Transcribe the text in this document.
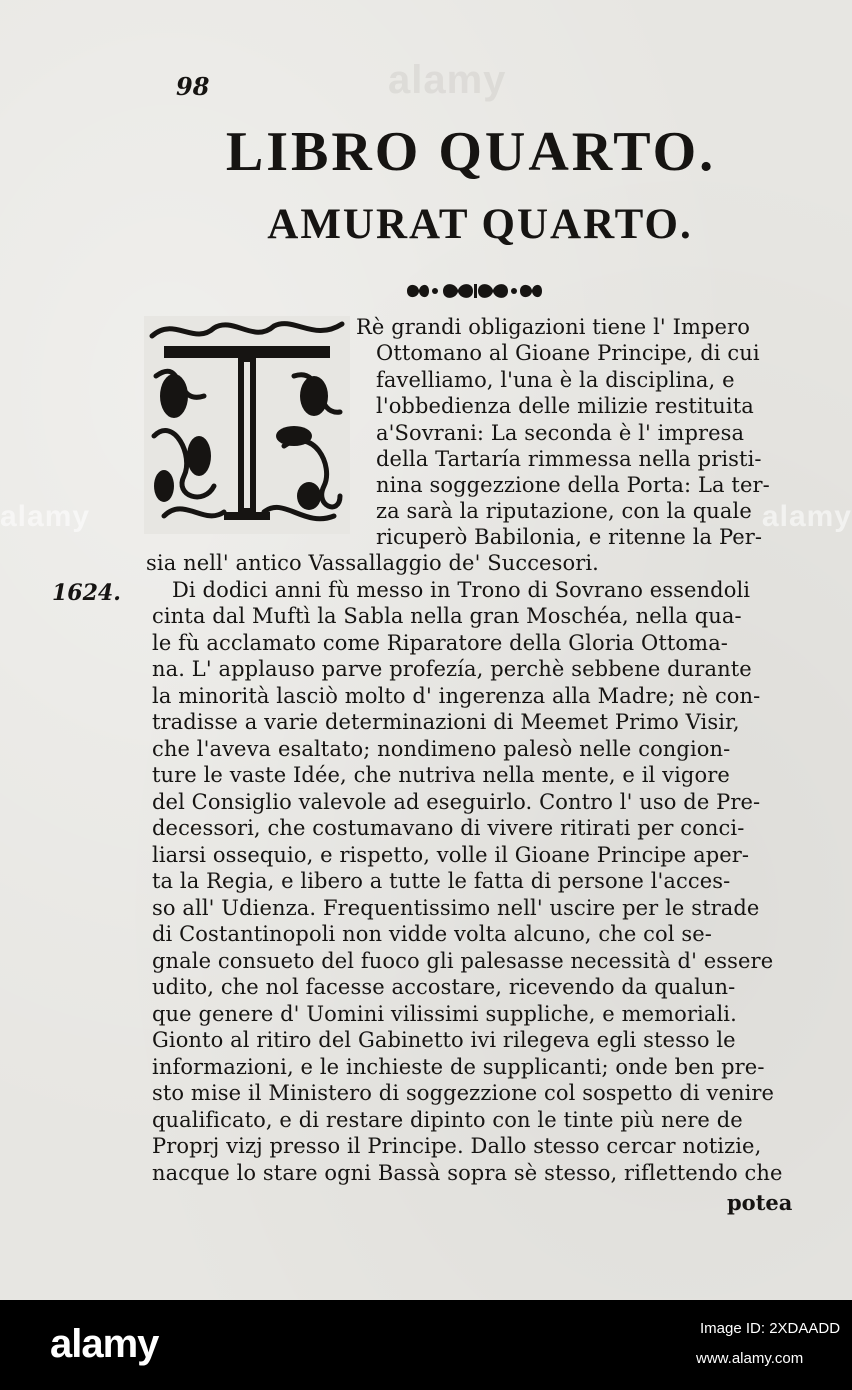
alamy
alamy	alamy
98
LIBRO QUARTO.
AMURAT QUARTO.
Rè grandi obligazioni tiene l' Impero
Ottomano al Gioane Principe, di cui
favelliamo, l'una è la disciplina, e
l'obbedienza delle milizie restituita
a'Sovrani: La seconda è l' impresa
della Tartaría rimmessa nella pristi-
nina soggezzione della Porta: La ter-
za sarà la riputazione, con la quale
ricuperò Babilonia, e ritenne la Per-
sia nell' antico Vassallaggio de' Succesori.
1624. Di dodici anni fù messo in Trono di Sovrano essendoli
cinta dal Muftì la Sabla nella gran Moschéa, nella qua-
le fù acclamato come Riparatore della Gloria Ottoma-
na. L' applauso parve profezía, perchè sebbene durante
la minorità lasciò molto d' ingerenza alla Madre; nè con-
tradisse a varie determinazioni di Meemet Primo Visir,
che l'aveva esaltato; nondimeno palesò nelle congion-
ture le vaste Idée, che nutriva nella mente, e il vigore
del Consiglio valevole ad eseguirlo. Contro l' uso de Pre-
decessori, che costumavano di vivere ritirati per conci-
liarsi ossequio, e rispetto, volle il Gioane Principe aper-
ta la Regia, e libero a tutte le fatta di persone l'acces-
so all' Udienza. Frequentissimo nell' uscire per le strade
di Costantinopoli non vidde volta alcuno, che col se-
gnale consueto del fuoco gli palesasse necessità d' essere
udito, che nol facesse accostare, ricevendo da qualun-
que genere d' Uomini vilissimi suppliche, e memoriali.
Gionto al ritiro del Gabinetto ivi rilegeva egli stesso le
informazioni, e le inchieste de supplicanti; onde ben pre-
sto mise il Ministero di soggezzione col sospetto di venire
qualificato, e di restare dipinto con le tinte più nere de
Proprj vizj presso il Principe. Dallo stesso cercar notizie,
nacque lo stare ogni Bassà sopra sè stesso, riflettendo che
potea
alamy	Image ID: 2XDAADD
www.alamy.com
